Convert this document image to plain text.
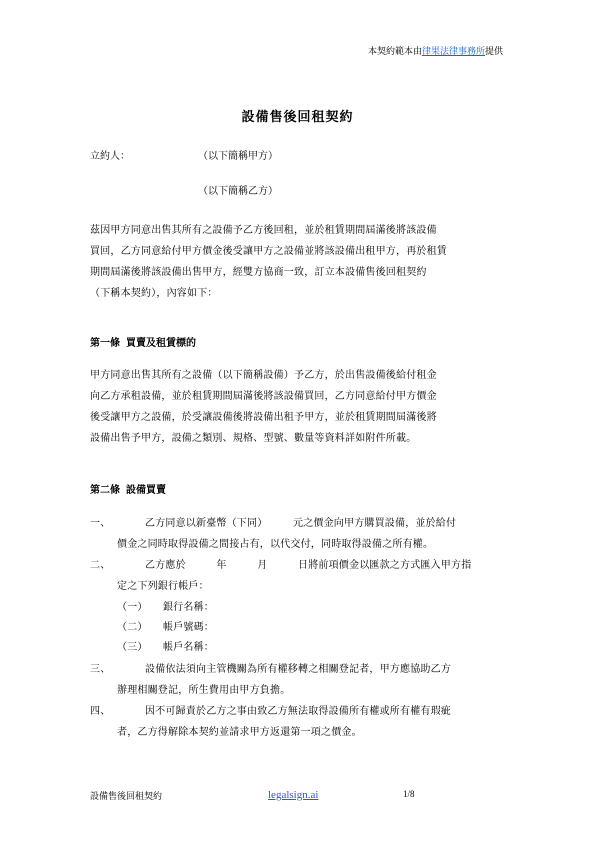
本契約範本由律果法律事務所提供
設備售後回租契約
立約人：	（以下簡稱甲方）
（以下簡稱乙方）
茲因甲方同意出售其所有之設備予乙方後回租，並於租賃期間屆滿後將該設備
買回，乙方同意給付甲方價金後受讓甲方之設備並將該設備出租甲方，再於租賃
期間屆滿後將該設備出售甲方，經雙方協商一致，訂立本設備售後回租契約
（下稱本契約），內容如下：
第一條 買賣及租賃標的
甲方同意出售其所有之設備（以下簡稱設備）予乙方，於出售設備後給付租金
向乙方承租設備，並於租賃期間屆滿後將該設備買回，乙方同意給付甲方價金
後受讓甲方之設備，於受讓設備後將設備出租予甲方，並於租賃期間屆滿後將
設備出售予甲方，設備之類別、規格、型號、數量等資料詳如附件所載。
第二條 設備買賣
一、	乙方同意以新臺幣（下同）　　　元之價金向甲方購買設備，並於給付
價金之同時取得設備之間接占有，以代交付，同時取得設備之所有權。
二、	乙方應於　　　年　　　月　　　日將前項價金以匯款之方式匯入甲方指
定之下列銀行帳戶：
（一） 銀行名稱：
（二） 帳戶號碼：
（三） 帳戶名稱：
三、	設備依法須向主管機關為所有權移轉之相關登記者，甲方應協助乙方
辦理相關登記，所生費用由甲方負擔。
四、	因不可歸責於乙方之事由致乙方無法取得設備所有權或所有權有瑕疵
者，乙方得解除本契約並請求甲方返還第一項之價金。
設備售後回租契約	legalsign.ai	1/8
